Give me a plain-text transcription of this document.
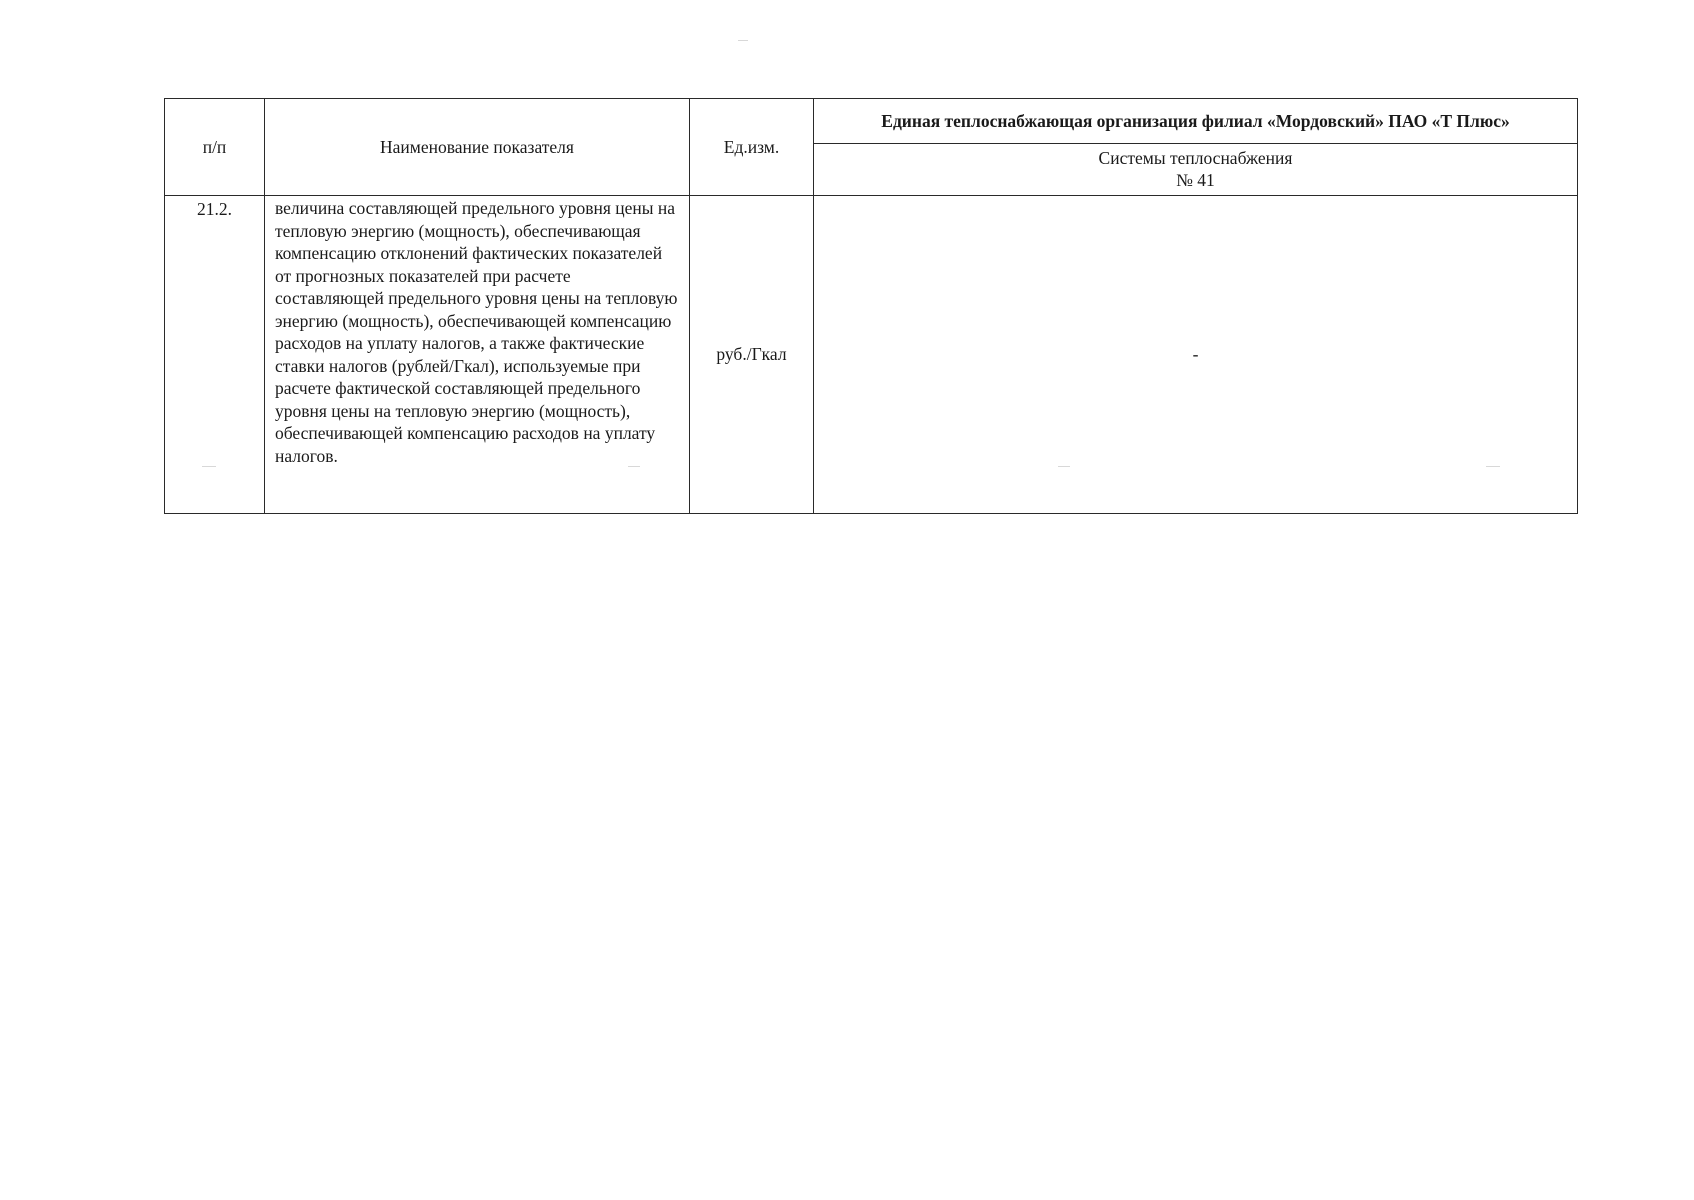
п/п	Наименование показателя	Ед.изм.	Единая теплоснабжающая организация филиал «Мордовский» ПАО «Т Плюс»

			Системы теплоснабжения
№ 41

21.2.	величина составляющей предельного уровня цены на тепловую энергию (мощность), обеспечивающая компенсацию отклонений фактических показателей от прогнозных показателей при расчете составляющей предельного уровня цены на тепловую энергию (мощность), обеспечивающей компенсацию расходов на уплату налогов, а также фактические ставки налогов (рублей/Гкал), используемые при расчете фактической составляющей предельного уровня цены на тепловую энергию (мощность), обеспечивающей компенсацию расходов на уплату налогов.	руб./Гкал	-
